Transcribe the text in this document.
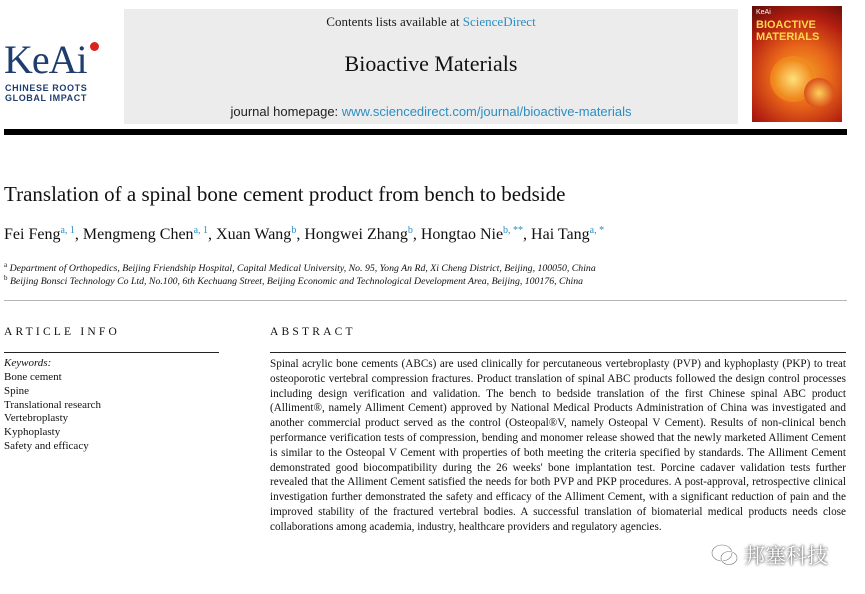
KeAi
CHINESE ROOTS
GLOBAL IMPACT
Contents lists available at ScienceDirect
Bioactive Materials
journal homepage: www.sciencedirect.com/journal/bioactive-materials
KeAi
BIOACTIVE MATERIALS
Translation of a spinal bone cement product from bench to bedside
Fei Feng$^{a, 1}$, Mengmeng Chen$^{a, 1}$, Xuan Wang$^b$, Hongwei Zhang$^b$, Hongtao Nie$^{b, **}$, Hai Tang$^{a, *}$
$^a$ Department of Orthopedics, Beijing Friendship Hospital, Capital Medical University, No. 95, Yong An Rd, Xi Cheng District, Beijing, 100050, China
$^b$ Beijing Bonsci Technology Co Ltd, No.100, 6th Kechuang Street, Beijing Economic and Technological Development Area, Beijing, 100176, China
ARTICLE INFO
Keywords:
Bone cement
Spine
Translational research
Vertebroplasty
Kyphoplasty
Safety and efficacy
ABSTRACT

Spinal acrylic bone cements (ABCs) are used clinically for percutaneous vertebroplasty (PVP) and kyphoplasty (PKP) to treat osteoporotic vertebral compression fractures. Product translation of spinal ABC products followed the design control processes including design verification and validation. The bench to bedside translation of the first Chinese spinal ABC product (Alliment®, namely Alliment Cement) approved by National Medical Products Administration of China was investigated and another commercial product served as the control (Osteopal®V, namely Osteopal V Cement). Results of non-clinical bench performance verification tests of compression, bending and monomer release showed that the newly marketed Alliment Cement is similar to the Osteopal V Cement with properties of both meeting the criteria specified by standards. The Alliment Cement demonstrated good biocompatibility during the 26 weeks' bone implantation test. Porcine cadaver validation tests further revealed that the Alliment Cement satisfied the needs for both PVP and PKP procedures. A post-approval, retrospective clinical investigation further demonstrated the safety and efficacy of the Alliment Cement, with a significant reduction of pain and the improved stability of the fractured vertebral bodies. A successful translation of biomaterial medical products needs close collaborations among academia, industry, healthcare providers and regulatory agencies.

邦塞科技
